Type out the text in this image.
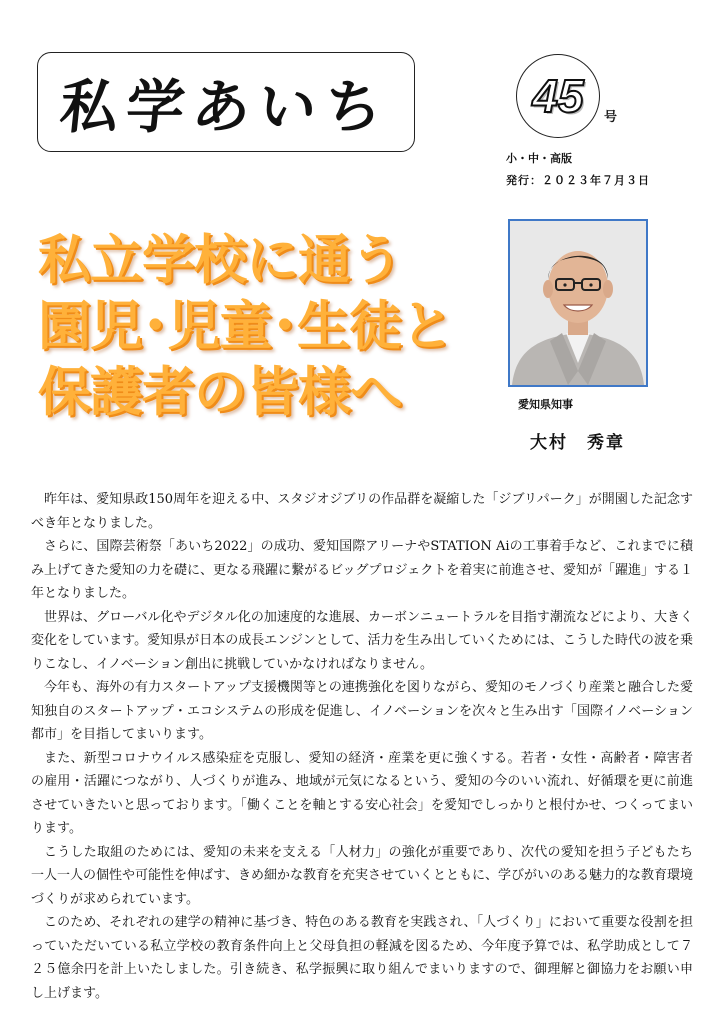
私学あいち	45 号
小・中・高版
発行：２０２３年７月３日
私立学校に通う
園児･児童･生徒と
保護者の皆様へ	愛知県知事
大村　秀章

昨年は、愛知県政150周年を迎える中、スタジオジブリの作品群を凝縮した「ジブリパーク」が開園した記念すべき年となりました。

さらに、国際芸術祭「あいち2022」の成功、愛知国際アリーナやSTATION Aiの工事着手など、これまでに積み上げてきた愛知の力を礎に、更なる飛躍に繋がるビッグプロジェクトを着実に前進させ、愛知が「躍進」する１年となりました。

世界は、グローバル化やデジタル化の加速度的な進展、カーボンニュートラルを目指す潮流などにより、大きく変化をしています。愛知県が日本の成長エンジンとして、活力を生み出していくためには、こうした時代の波を乗りこなし、イノベーション創出に挑戦していかなければなりません。

今年も、海外の有力スタートアップ支援機関等との連携強化を図りながら、愛知のモノづくり産業と融合した愛知独自のスタートアップ・エコシステムの形成を促進し、イノベーションを次々と生み出す「国際イノベーション都市」を目指してまいります。

また、新型コロナウイルス感染症を克服し、愛知の経済・産業を更に強くする。若者・女性・高齢者・障害者の雇用・活躍につながり、人づくりが進み、地域が元気になるという、愛知の今のいい流れ、好循環を更に前進させていきたいと思っております。「働くことを軸とする安心社会」を愛知でしっかりと根付かせ、つくってまいります。

こうした取組のためには、愛知の未来を支える「人材力」の強化が重要であり、次代の愛知を担う子どもたち一人一人の個性や可能性を伸ばす、きめ細かな教育を充実させていくとともに、学びがいのある魅力的な教育環境づくりが求められています。

このため、それぞれの建学の精神に基づき、特色のある教育を実践され、「人づくり」において重要な役割を担っていただいている私立学校の教育条件向上と父母負担の軽減を図るため、今年度予算では、私学助成として７２５億余円を計上いたしました。引き続き、私学振興に取り組んでまいりますので、御理解と御協力をお願い申し上げます。
